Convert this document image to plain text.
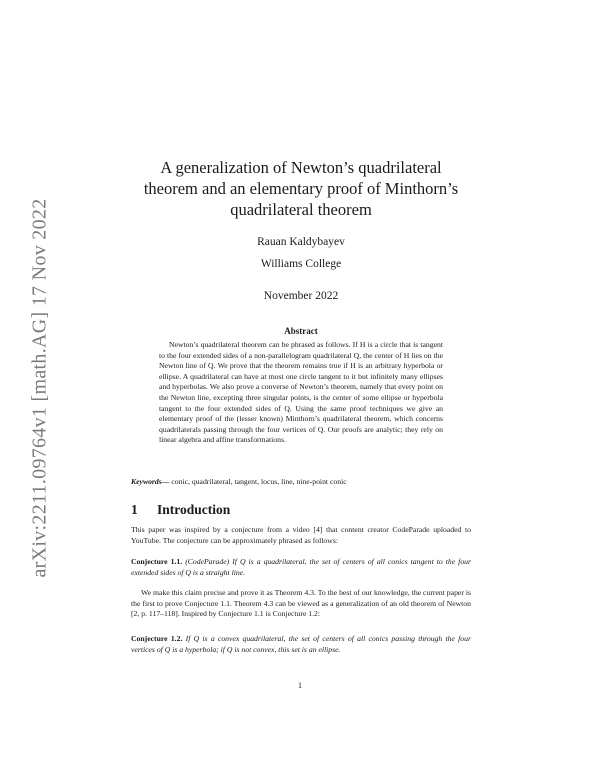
arXiv:2211.09764v1 [math.AG] 17 Nov 2022
A generalization of Newton’s quadrilateral
theorem and an elementary proof of Minthorn’s
quadrilateral theorem
Rauan Kaldybayev
Williams College
November 2022
Abstract
Newton’s quadrilateral theorem can be phrased as follows. If H is a circle that is tangent to the four extended sides of a non-parallelogram quadrilateral Q, the center of H lies on the Newton line of Q. We prove that the theorem remains true if H is an arbitrary hyperbola or ellipse. A quadrilateral can have at most one circle tangent to it but infinitely many ellipses and hyperbolas. We also prove a converse of Newton’s theorem, namely that every point on the Newton line, excepting three singular points, is the center of some ellipse or hyperbola tangent to the four extended sides of Q. Using the same proof techniques we give an elementary proof of the (lesser known) Minthorn’s quadrilateral theorem, which concerns quadrilaterals passing through the four vertices of Q. Our proofs are analytic; they rely on linear algebra and affine transformations.
Keywords— conic, quadrilateral, tangent, locus, line, nine-point conic
1 Introduction
This paper was inspired by a conjecture from a video [4] that content creator CodeParade uploaded to YouTube. The conjecture can be approximately phrased as follows:
Conjecture 1.1. (CodeParade) If Q is a quadrilateral, the set of centers of all conics tangent to the four extended sides of Q is a straight line.
We make this claim precise and prove it as Theorem 4.3. To the best of our knowledge, the current paper is the first to prove Conjecture 1.1. Theorem 4.3 can be viewed as a generalization of an old theorem of Newton [2, p. 117–118]. Inspired by Conjecture 1.1 is Conjecture 1.2:
Conjecture 1.2. If Q is a convex quadrilateral, the set of centers of all conics passing through the four vertices of Q is a hyperbola; if Q is not convex, this set is an ellipse.
1
